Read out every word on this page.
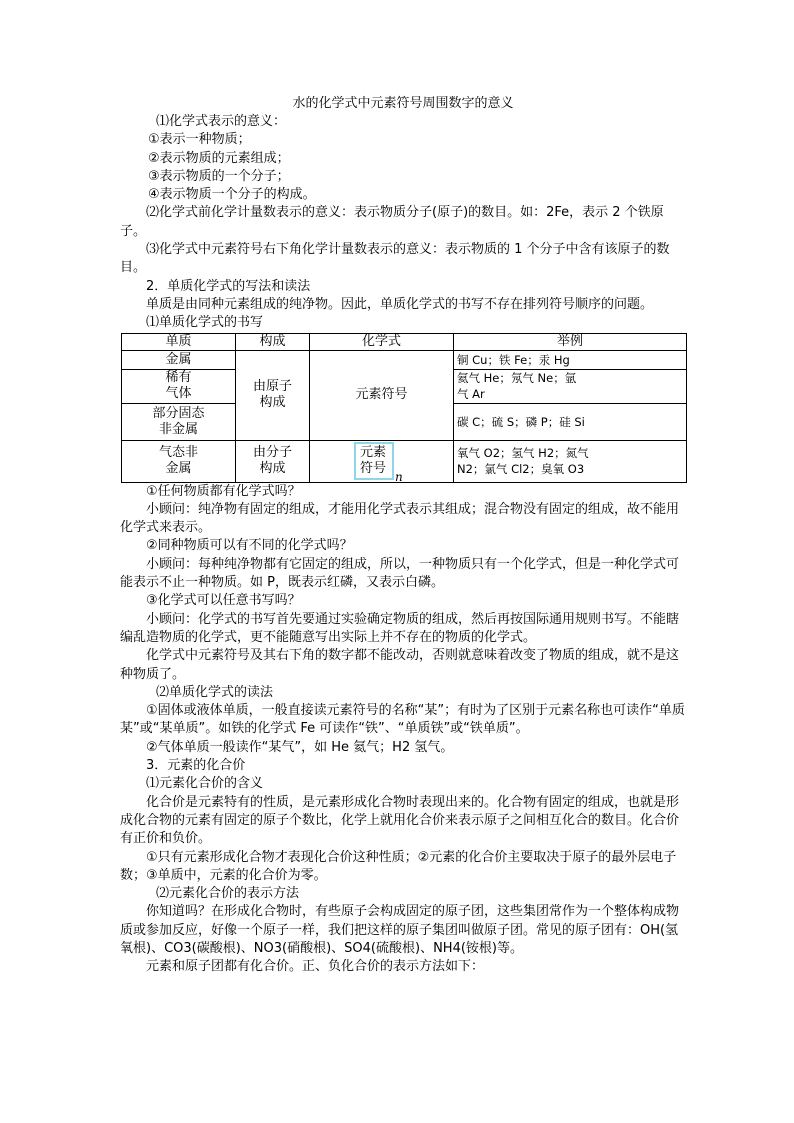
水的化学式中元素符号周围数字的意义

⑴化学式表示的意义：

①表示一种物质；

②表示物质的元素组成；

③表示物质的一个分子；

④表示物质一个分子的构成。

⑵化学式前化学计量数表示的意义：表示物质分子(原子)的数目。如：2Fe，表示 2 个铁原子。

⑶化学式中元素符号右下角化学计量数表示的意义：表示物质的 1 个分子中含有该原子的数目。

2．单质化学式的写法和读法

单质是由同种元素组成的纯净物。因此，单质化学式的书写不存在排列符号顺序的问题。

⑴单质化学式的书写

单质	构成	化学式	举例
金属	由原子构成	元素符号	铜 Cu；铁 Fe；汞 Hg
稀有气体			氦气 He；氖气 Ne；氩气 Ar
部分固态非金属			碳 C；硫 S；磷 P；硅 Si
气态非金属	由分子构成	元素符号n	氧气 O2；氢气 H2；氮气 N2；氯气 Cl2；臭氧 O3

①任何物质都有化学式吗？

小顾问：纯净物有固定的组成，才能用化学式表示其组成；混合物没有固定的组成，故不能用化学式来表示。

②同种物质可以有不同的化学式吗？

小顾问：每种纯净物都有它固定的组成，所以，一种物质只有一个化学式，但是一种化学式可能表示不止一种物质。如 P，既表示红磷，又表示白磷。

③化学式可以任意书写吗？

小顾问：化学式的书写首先要通过实验确定物质的组成，然后再按国际通用规则书写。不能瞎编乱造物质的化学式，更不能随意写出实际上并不存在的物质的化学式。

化学式中元素符号及其右下角的数字都不能改动，否则就意味着改变了物质的组成，就不是这种物质了。

⑵单质化学式的读法

①固体或液体单质，一般直接读元素符号的名称“某”；有时为了区别于元素名称也可读作“单质某”或“某单质”。如铁的化学式 Fe 可读作“铁”、“单质铁”或“铁单质”。

②气体单质一般读作“某气”，如 He 氦气；H2 氢气。

3．元素的化合价

⑴元素化合价的含义

化合价是元素特有的性质，是元素形成化合物时表现出来的。化合物有固定的组成，也就是形成化合物的元素有固定的原子个数比，化学上就用化合价来表示原子之间相互化合的数目。化合价有正价和负价。

①只有元素形成化合物才表现化合价这种性质；②元素的化合价主要取决于原子的最外层电子数；③单质中，元素的化合价为零。

⑵元素化合价的表示方法

你知道吗？在形成化合物时，有些原子会构成固定的原子团，这些集团常作为一个整体构成物质或参加反应，好像一个原子一样，我们把这样的原子集团叫做原子团。常见的原子团有：OH(氢氧根)、CO3(碳酸根)、NO3(硝酸根)、SO4(硫酸根)、NH4(铵根)等。

元素和原子团都有化合价。正、负化合价的表示方法如下：
